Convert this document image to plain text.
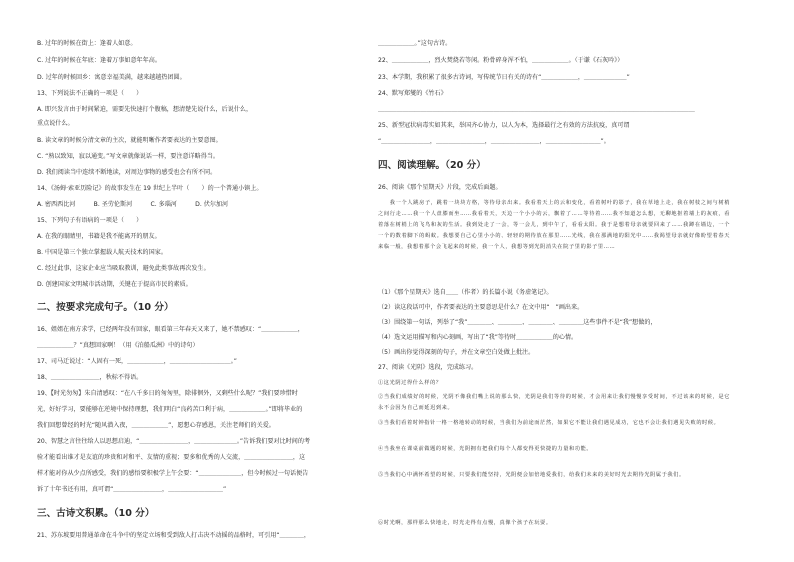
B. 过年的时候在街上：逢着人如意。
C. 过年的时候在年底：逢着万事如意年年高。
D. 过年的时候回乡：寓意幸福美满，越来越越热团圆。
13、下列说法不正确的一项是（　　）
A. 即兴发言由于时间紧迫，需要先快速打个腹稿，想清楚先说什么，后说什么，
重点说什么。
B. 读文章的时候分清文章的主次，就能明晰作者要表达的主要意图。
C. “熟以致知，寂以通变。”写文章就像说话一样，要注意详略得当。
D. 我们阅读当中连续不断地读，对周边事物的感受也会有所不同。
14、《汤姆·索亚历险记》的故事发生在 19 世纪上半叶（　　）的一个普通小镇上。
A. 密西西比河　　　B. 圣劳伦斯河　　　C. 多瑙河　　　D. 伏尔加河
15、下列句子有语病的一项是（　　）
A. 在我的眼睛里，书籍是我不能离开的朋友。
B. 中国是第三个独立掌握载人航天技术的国家。
C. 经过此事，这家企业应当吸取教训，避免此类事故再次发生。
D. 创建国家文明城市活动期，关键在于提高市民的素质。
二、按要求完成句子。（10 分）
16、姐姐在南方求学，已经两年没有回家，眼看第三年春天又来了，她不禁感叹：“＿＿＿＿＿＿，
＿＿＿＿＿＿？”真想回家啊！（用《泊船瓜洲》中的诗句）
17、司马迁说过：“人固有一死，＿＿＿＿＿＿，＿＿＿＿＿＿＿＿＿＿。”
18、＿＿＿＿＿＿＿＿，秋标不得语。
19、【时光勿匆】朱自清感叹：“在八千多日的匆匆里，除徘徊外，又剩些什么呢？”我们要珍惜时
光，好好学习，要能够在逆境中保持理想，我们明白“良药苦口利于病，＿＿＿＿＿＿。”即将毕业的
我们回想曾经的时光“随风潜入夜，＿＿＿＿＿＿”，愿想心存感恩，关注老师们的关爱。
20、智慧之言往往给人以思想启迪，“＿＿＿＿＿＿＿＿，＿＿＿＿＿＿＿。”告诉我们要对比时间的考
验才能看出谁才是友谊的珍贵和对和平、友情的重视；要多和优秀的人交流，＿＿＿＿＿＿＿＿，这
样才能对你从少点所感受，我们的感悟要积极学上午会要：“＿＿＿＿＿＿＿，但今时候过一句话便告
诉了十年书还有用，真可谓“＿＿＿＿＿＿＿＿，＿＿＿＿＿＿＿＿＿”
三、古诗文积累。（10 分）
21、苏东坡要用普通革命在斗争中的坚定立场和受到敌人打击决不动摇的品格时，可引用“＿＿＿＿，
＿＿＿＿＿＿。”这句古诗。
22、＿＿＿＿＿＿，烈火焚烧若等闲。粉骨碎身浑不怕，＿＿＿＿＿＿。（于谦《石灰吟》）
23、本学期，我积累了很多古诗词，写传统节日有关的诗有“＿＿＿＿＿＿，＿＿＿＿＿＿＿”
24、默写郑燮的《竹石》
＿＿＿＿＿＿＿＿＿＿＿＿＿＿＿＿＿＿＿＿＿＿＿＿＿＿＿＿＿＿＿＿＿＿＿＿＿＿＿＿＿＿＿＿＿＿＿＿＿＿＿＿
25、新型冠状病毒实如其来，举国齐心协力，以人为本，选择最行之有效的方法抗疫，真可谓
“＿＿＿＿＿＿＿＿，＿＿＿＿＿＿＿＿，＿＿＿＿＿＿＿＿，＿＿＿＿＿＿＿＿＿”。
四、阅读理解。（20 分）
26、阅读《那个星期天》片段，完成后面题。
　　我一个人跳房子，跳着一块块方格，等待母亲出来。我看着天上的云和变化，看着树叶的影子，我在草地上走，我在树枝之间与树梢之间行走……我一个人盘膝而坐……我看着天，天边一个小小的云，飘着了……等待着……我不知道怎么想，无聊地抠着墙上的灰痕，看着落在树梢上的飞鸟和灰的生活。我到处走了一会，等一会儿，到中午了，看看太阳。我于是想着母亲就要回来了……我蹲在墙边，一个一个的数着脚下的蚂蚁。我想要自己心里小小的、轻轻的期待放在那里……光线，我在那满地的阳光中……我渴望母亲就好像盼望着春天来临一般，我想着那个会飞起来的时候，我一个人，我想等到光阴消失在院子里的影子里……
（1）《那个星期天》选自＿＿（作者）的长篇小说《务虚笔记》。
（2）读这段话可中，作者要表达的主要意思是什么？在文中用“　”画出来。
（3）围绕第一句话，列举了“我”＿＿＿＿、＿＿＿＿、＿＿＿＿、＿＿＿＿这些事件不是“我”想做的，
（4）选文运用描写和内心刻画，写出了“我”等待时＿＿＿＿＿＿的心情。
（5）画出你觉得深刻的句子，并在文章空白处做上批注。
27、阅读《光阴》选段，完成练习。
①这光阴过得什么样的？
②当我们成绩好的时候，光阴不像我们嘴上说的那么快，光阴是我们等待的时候，才会用来让我们慢慢享受时间，不过该来的时候，是它永不会因为自己而延迟到来。
③当我们看着时钟指针一格一格地转动的时候，当我们为前途而茫然，如果它不能让我们遇见成功，它也不会让我们遇见失败的时候。
④当我坐在课桌前做题的时候，光阴拥有把我们每个人都变得更快捷的力量和功能。
⑤当我们心中满怀希望的时候，只要我们能坚持，光阴便会加倍地爱我们，给我们未来的美好时光去期待光阴属于我们。
⑥时光啊，那样那么快地走，时光走得有点慢，真像个孩子在玩耍。
